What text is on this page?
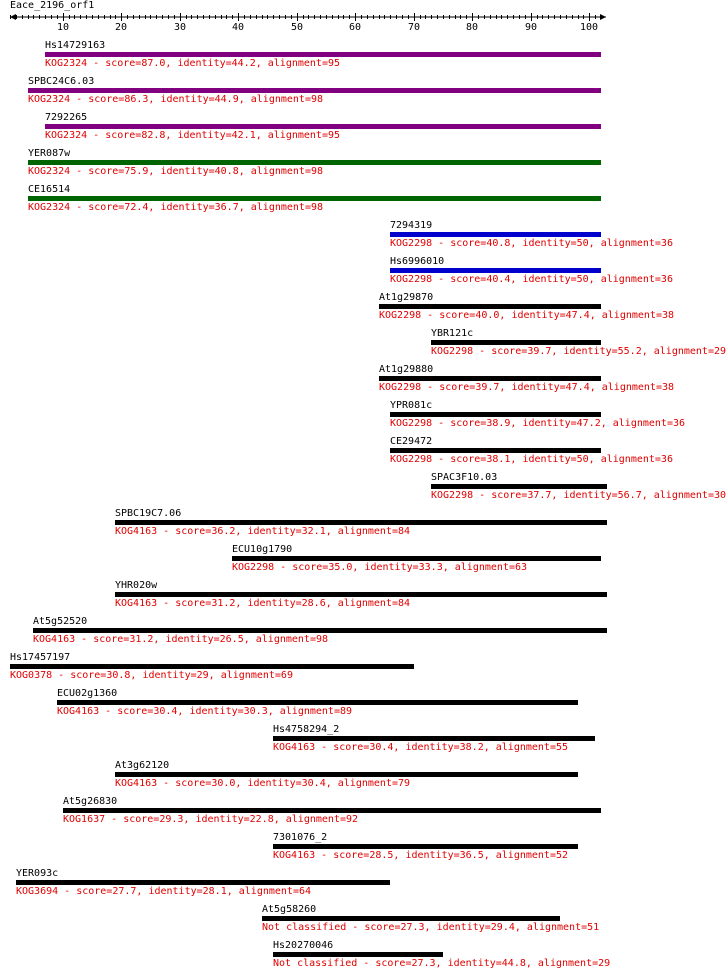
Eace_2196_orf1
10	20	30	40	50	60	70	80	90	100
Hs14729163
KOG2324 - score=87.0, identity=44.2, alignment=95
SPBC24C6.03
KOG2324 - score=86.3, identity=44.9, alignment=98
7292265
KOG2324 - score=82.8, identity=42.1, alignment=95
YER087w
KOG2324 - score=75.9, identity=40.8, alignment=98
CE16514
KOG2324 - score=72.4, identity=36.7, alignment=98
7294319
KOG2298 - score=40.8, identity=50, alignment=36
Hs6996010
KOG2298 - score=40.4, identity=50, alignment=36
At1g29870
KOG2298 - score=40.0, identity=47.4, alignment=38
YBR121c
KOG2298 - score=39.7, identity=55.2, alignment=29
At1g29880
KOG2298 - score=39.7, identity=47.4, alignment=38
YPR081c
KOG2298 - score=38.9, identity=47.2, alignment=36
CE29472
KOG2298 - score=38.1, identity=50, alignment=36
SPAC3F10.03
KOG2298 - score=37.7, identity=56.7, alignment=30
SPBC19C7.06
KOG4163 - score=36.2, identity=32.1, alignment=84
ECU10g1790
KOG2298 - score=35.0, identity=33.3, alignment=63
YHR020w
KOG4163 - score=31.2, identity=28.6, alignment=84
At5g52520
KOG4163 - score=31.2, identity=26.5, alignment=98
Hs17457197
KOG0378 - score=30.8, identity=29, alignment=69
ECU02g1360
KOG4163 - score=30.4, identity=30.3, alignment=89
Hs4758294_2
KOG4163 - score=30.4, identity=38.2, alignment=55
At3g62120
KOG4163 - score=30.0, identity=30.4, alignment=79
At5g26830
KOG1637 - score=29.3, identity=22.8, alignment=92
7301076_2
KOG4163 - score=28.5, identity=36.5, alignment=52
YER093c
KOG3694 - score=27.7, identity=28.1, alignment=64
At5g58260
Not classified - score=27.3, identity=29.4, alignment=51
Hs20270046
Not classified - score=27.3, identity=44.8, alignment=29
